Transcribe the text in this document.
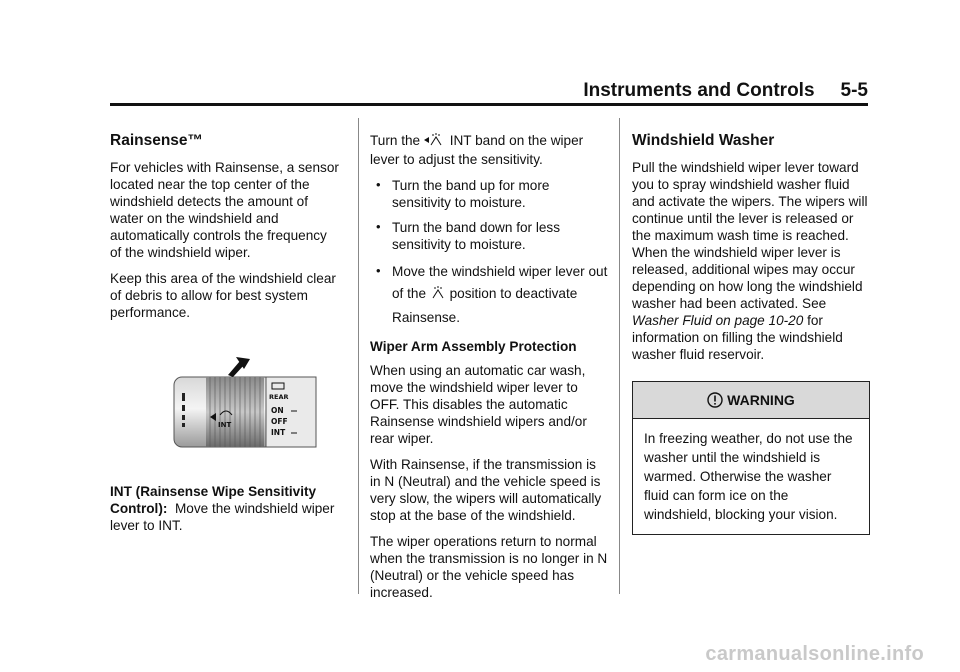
Instruments and Controls 5-5
Rainsense™

For vehicles with Rainsense, a sensor located near the top center of the windshield detects the amount of water on the windshield and automatically controls the frequency of the windshield wiper.

Keep this area of the windshield clear of debris to allow for best system performance.

INT
REAR
ON
OFF
INT

INT (Rainsense Wipe Sensitivity Control): Move the windshield wiper lever to INT.

Turn the INT band on the wiper lever to adjust the sensitivity.

• Turn the band up for more sensitivity to moisture.
• Turn the band down for less sensitivity to moisture.
• Move the windshield wiper lever out of the position to deactivate Rainsense.
Wiper Arm Assembly Protection

When using an automatic car wash, move the windshield wiper lever to OFF. This disables the automatic Rainsense windshield wipers and/or rear wiper.

With Rainsense, if the transmission is in N (Neutral) and the vehicle speed is very slow, the wipers will automatically stop at the base of the windshield.

The wiper operations return to normal when the transmission is no longer in N (Neutral) or the vehicle speed has increased.

Windshield Washer

Pull the windshield wiper lever toward you to spray windshield washer fluid and activate the wipers. The wipers will continue until the lever is released or the maximum wash time is reached. When the windshield wiper lever is released, additional wipes may occur depending on how long the windshield washer had been activated. See Washer Fluid on page 10-20 for information on filling the windshield washer fluid reservoir.

WARNING
In freezing weather, do not use the washer until the windshield is warmed. Otherwise the washer fluid can form ice on the windshield, blocking your vision.
carmanualsonline.info
